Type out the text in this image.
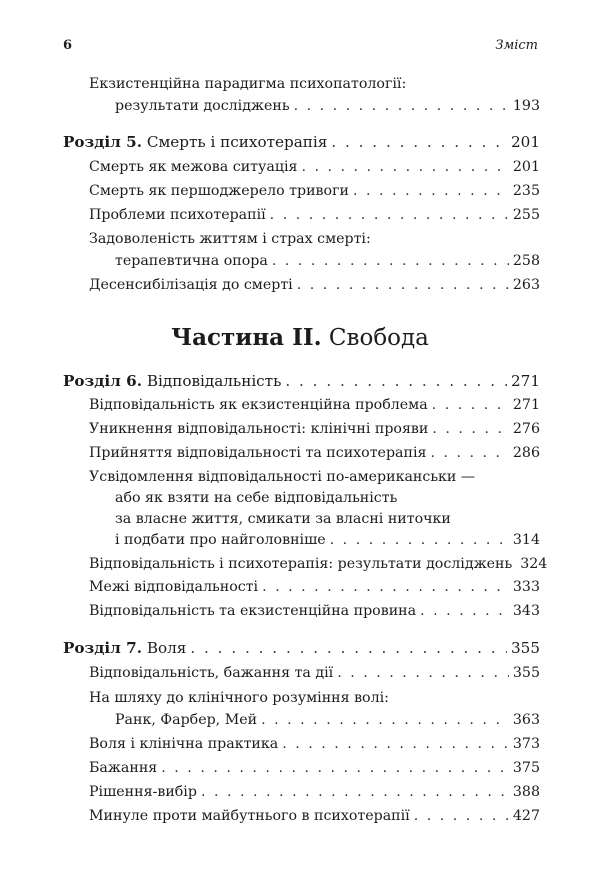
6	Зміст
Екзистенційна парадигма психопатології:
результати досліджень . . .	193
Розділ 5. Смерть і психотерапія . . .	201
Смерть як межова ситуація . . .	201
Смерть як першоджерело тривоги . . .	235
Проблеми психотерапії . . .	255
Задоволеність життям і страх смерті:
терапевтична опора . . .	258
Десенсибілізація до смерті . . .	263
Частина II. Свобода
Розділ 6. Відповідальність . . .	271
Відповідальність як екзистенційна проблема . . .	271
Уникнення відповідальності: клінічні прояви . . .	276
Прийняття відповідальності та психотерапія . . .	286
Усвідомлення відповідальності по-американськи —
або як взяти на себе відповідальність
за власне життя, смикати за власні ниточки
і подбати про найголовніше . . .	314
Відповідальність і психотерапія: результати досліджень 324
Межі відповідальності . . .	333
Відповідальність та екзистенційна провина . . .	343
Розділ 7. Воля . . .	355
Відповідальність, бажання та дії . . .	355
На шляху до клінічного розуміння волі:
Ранк, Фарбер, Мей . . .	363
Воля і клінічна практика . . .	373
Бажання . . .	375
Рішення-вибір . . .	388
Минуле проти майбутнього в психотерапії . . .	427
